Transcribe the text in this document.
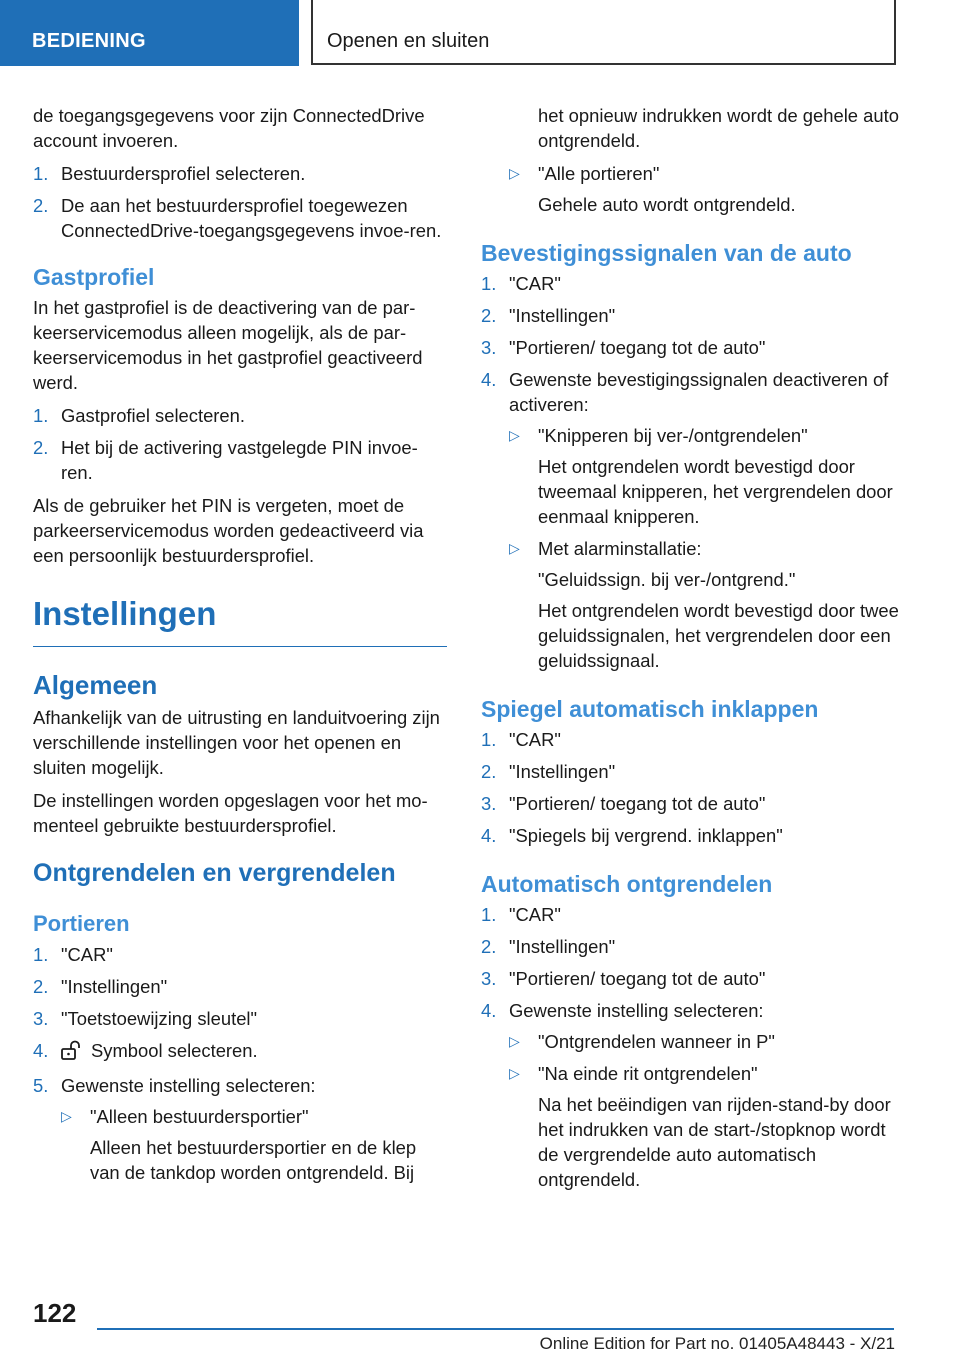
BEDIENING	Openen en sluiten

de toegangsgegevens voor zijn ConnectedDrive account invoeren.

1. Bestuurdersprofiel selecteren.
2. De aan het bestuurdersprofiel toegewezen ConnectedDrive-toegangsgegevens invoe-ren.
Gastprofiel

In het gastprofiel is de deactivering van de par-keerservicemodus alleen mogelijk, als de par-keerservicemodus in het gastprofiel geactiveerd werd.

1. Gastprofiel selecteren.
2. Het bij de activering vastgelegde PIN invoe-ren.

Als de gebruiker het PIN is vergeten, moet de parkeerservicemodus worden gedeactiveerd via een persoonlijk bestuurdersprofiel.

Instellingen
Algemeen

Afhankelijk van de uitrusting en landuitvoering zijn verschillende instellingen voor het openen en sluiten mogelijk.

De instellingen worden opgeslagen voor het mo-menteel gebruikte bestuurdersprofiel.

Ontgrendelen en vergrendelen
Portieren
1. "CAR"
2. "Instellingen"
3. "Toetstoewijzing sleutel"
4. Symbool selecteren.
5. Gewenste instelling selecteren:
▷ "Alleen bestuurdersportier"
Alleen het bestuurdersportier en de klep van de tankdop worden ontgrendeld. Bij
het opnieuw indrukken wordt de gehele auto ontgrendeld.
▷ "Alle portieren"
Gehele auto wordt ontgrendeld.
Bevestigingssignalen van de auto
1. "CAR"
2. "Instellingen"
3. "Portieren/ toegang tot de auto"
4. Gewenste bevestigingssignalen deactiveren of activeren:
▷ "Knipperen bij ver-/ontgrendelen"
Het ontgrendelen wordt bevestigd door tweemaal knipperen, het vergrendelen door eenmaal knipperen.
▷ Met alarminstallatie:
"Geluidssign. bij ver-/ontgrend."
Het ontgrendelen wordt bevestigd door twee geluidssignalen, het vergrendelen door een geluidssignaal.
Spiegel automatisch inklappen
1. "CAR"
2. "Instellingen"
3. "Portieren/ toegang tot de auto"
4. "Spiegels bij vergrend. inklappen"
Automatisch ontgrendelen
1. "CAR"
2. "Instellingen"
3. "Portieren/ toegang tot de auto"
4. Gewenste instelling selecteren:
▷ "Ontgrendelen wanneer in P"
▷ "Na einde rit ontgrendelen"
Na het beëindigen van rijden-stand-by door het indrukken van de start-/stopknop wordt de vergrendelde auto automatisch ontgrendeld.
122
Online Edition for Part no. 01405A48443 - X/21
